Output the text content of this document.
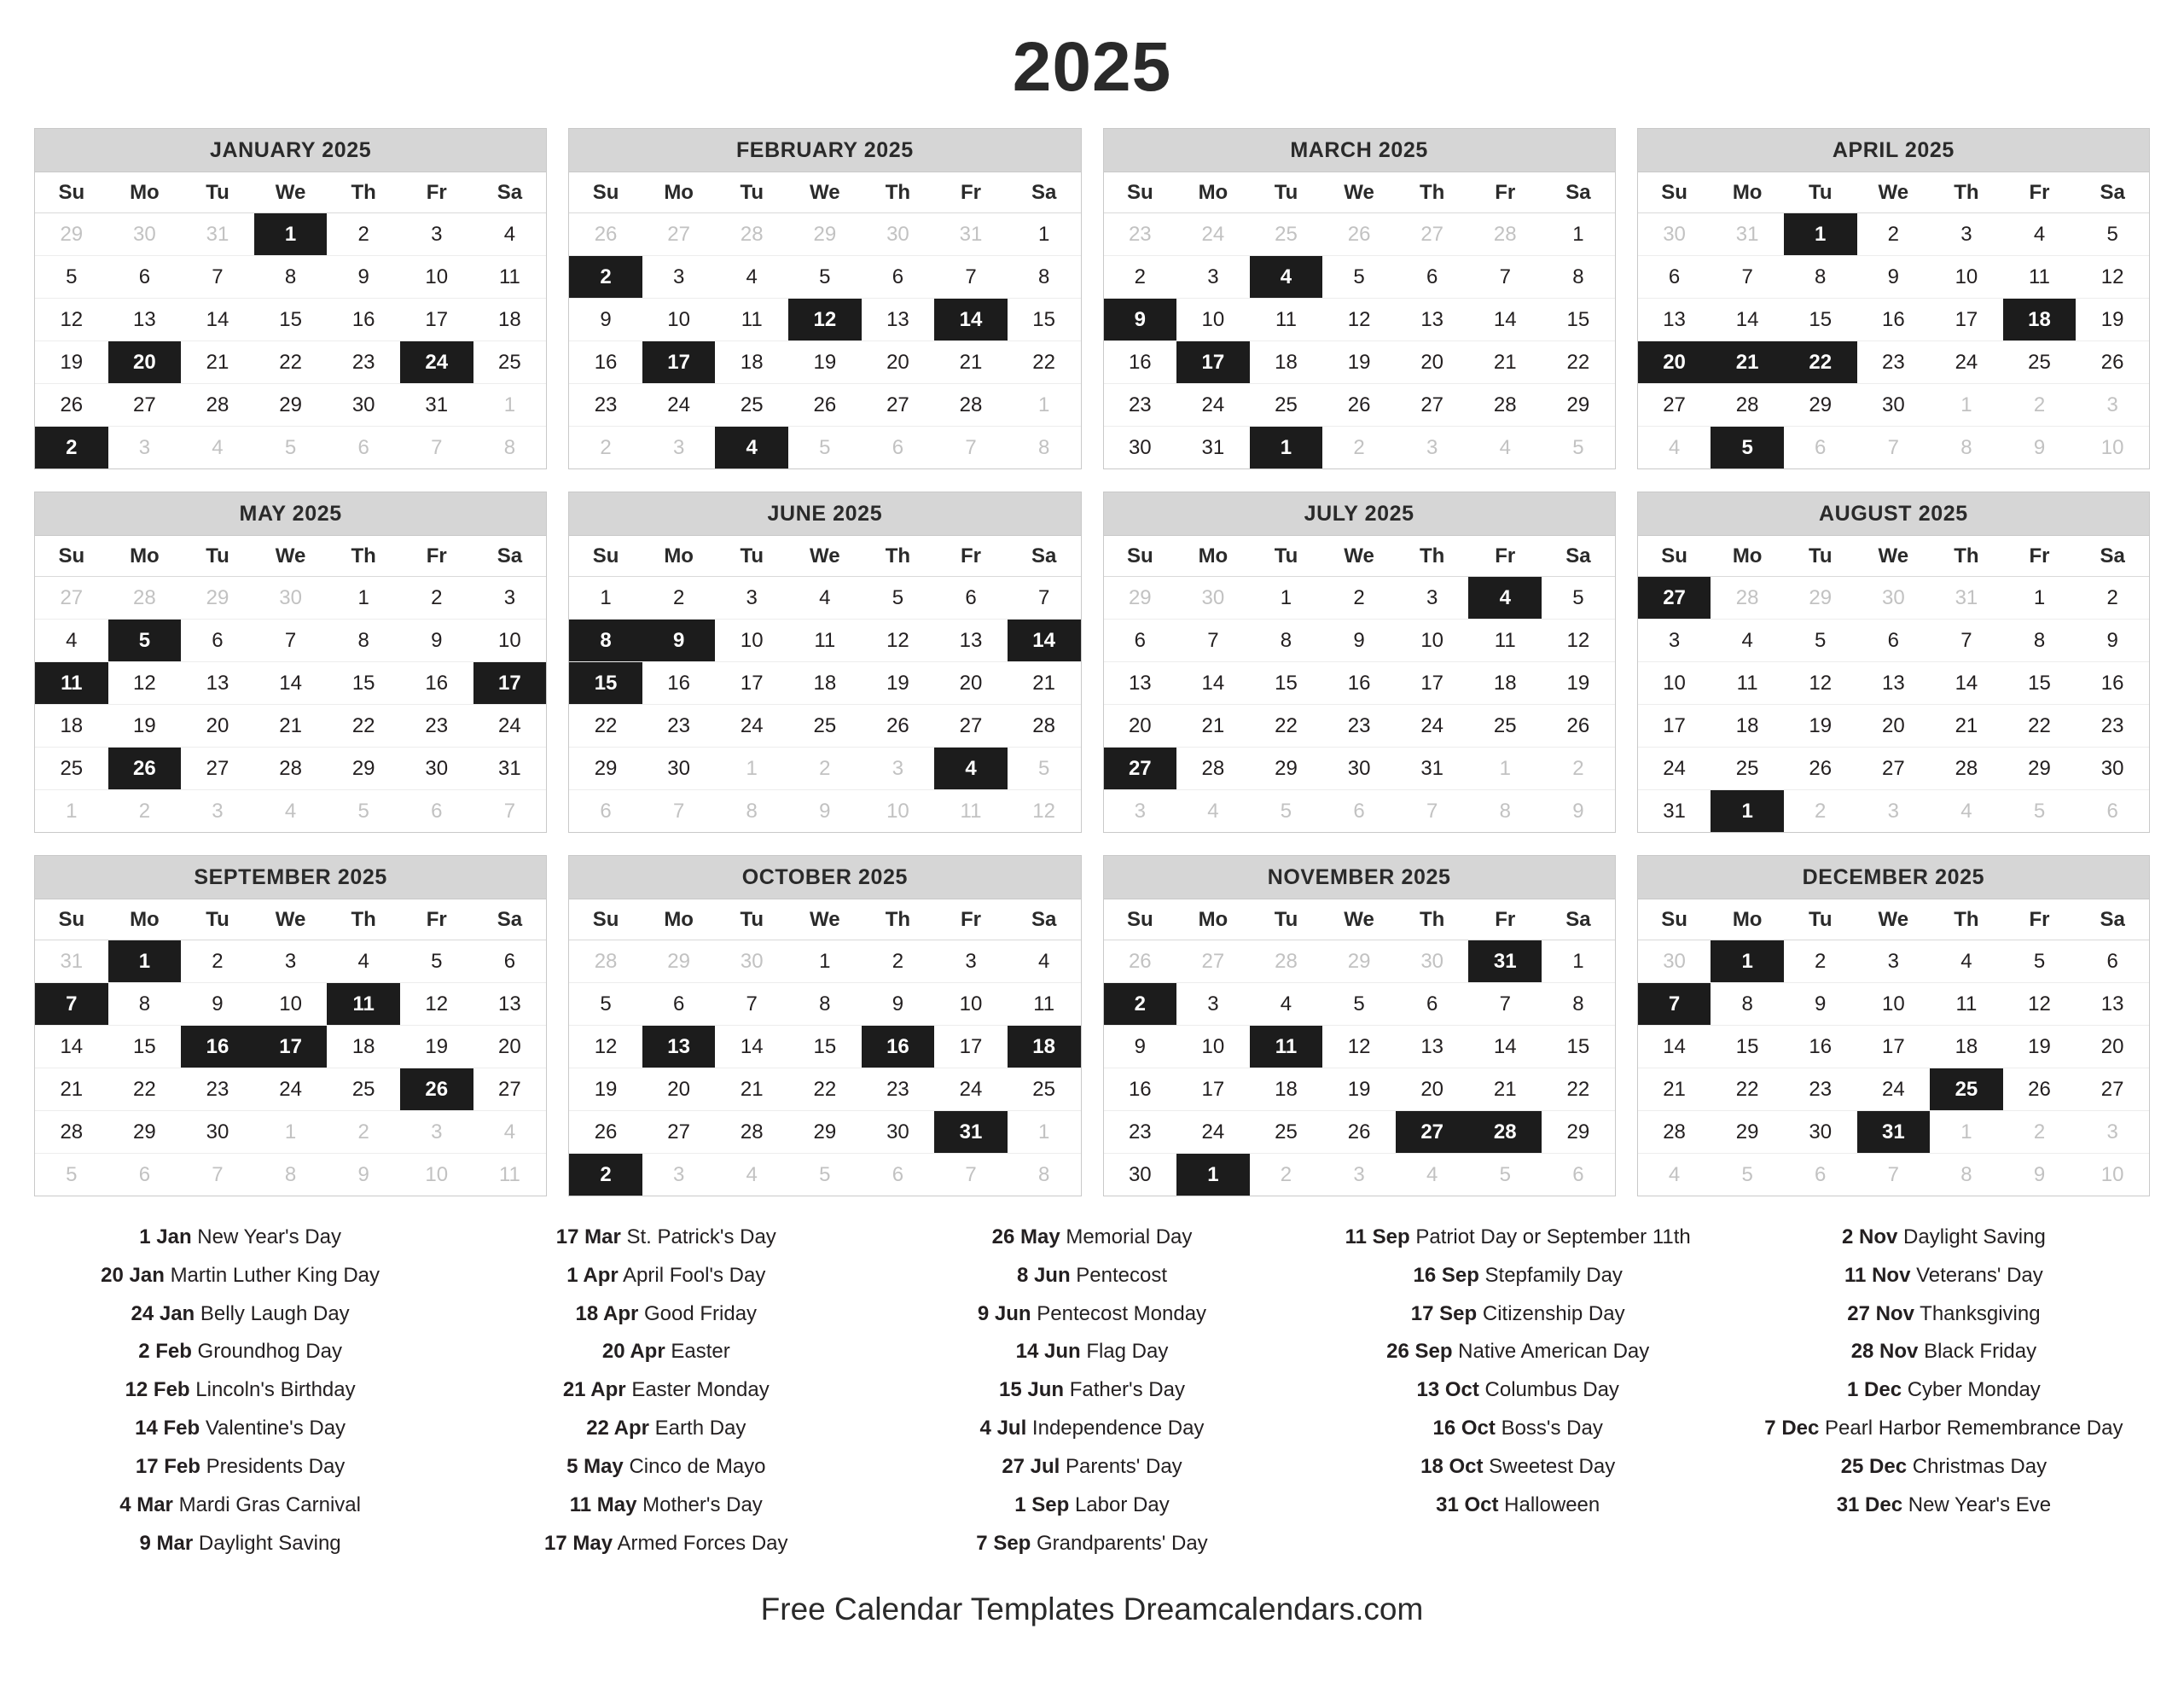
2025
JANUARY 2025
Su	Mo	Tu	We	Th	Fr	Sa

29	30	31	1	2	3	4

5	6	7	8	9	10	11

12	13	14	15	16	17	18

19	20	21	22	23	24	25

26	27	28	29	30	31	1

2	3	4	5	6	7	8
FEBRUARY 2025
Su	Mo	Tu	We	Th	Fr	Sa

26	27	28	29	30	31	1

2	3	4	5	6	7	8

9	10	11	12	13	14	15

16	17	18	19	20	21	22

23	24	25	26	27	28	1

2	3	4	5	6	7	8
MARCH 2025
Su	Mo	Tu	We	Th	Fr	Sa

23	24	25	26	27	28	1

2	3	4	5	6	7	8

9	10	11	12	13	14	15

16	17	18	19	20	21	22

23	24	25	26	27	28	29

30	31	1	2	3	4	5
APRIL 2025
Su	Mo	Tu	We	Th	Fr	Sa

30	31	1	2	3	4	5

6	7	8	9	10	11	12

13	14	15	16	17	18	19

20	21	22	23	24	25	26

27	28	29	30	1	2	3

4	5	6	7	8	9	10
MAY 2025
Su	Mo	Tu	We	Th	Fr	Sa

27	28	29	30	1	2	3

4	5	6	7	8	9	10

11	12	13	14	15	16	17

18	19	20	21	22	23	24

25	26	27	28	29	30	31

1	2	3	4	5	6	7
JUNE 2025
Su	Mo	Tu	We	Th	Fr	Sa

1	2	3	4	5	6	7

8	9	10	11	12	13	14

15	16	17	18	19	20	21

22	23	24	25	26	27	28

29	30	1	2	3	4	5

6	7	8	9	10	11	12
JULY 2025
Su	Mo	Tu	We	Th	Fr	Sa

29	30	1	2	3	4	5

6	7	8	9	10	11	12

13	14	15	16	17	18	19

20	21	22	23	24	25	26

27	28	29	30	31	1	2

3	4	5	6	7	8	9
AUGUST 2025
Su	Mo	Tu	We	Th	Fr	Sa

27	28	29	30	31	1	2

3	4	5	6	7	8	9

10	11	12	13	14	15	16

17	18	19	20	21	22	23

24	25	26	27	28	29	30

31	1	2	3	4	5	6
SEPTEMBER 2025
Su	Mo	Tu	We	Th	Fr	Sa

31	1	2	3	4	5	6

7	8	9	10	11	12	13

14	15	16	17	18	19	20

21	22	23	24	25	26	27

28	29	30	1	2	3	4

5	6	7	8	9	10	11
OCTOBER 2025
Su	Mo	Tu	We	Th	Fr	Sa

28	29	30	1	2	3	4

5	6	7	8	9	10	11

12	13	14	15	16	17	18

19	20	21	22	23	24	25

26	27	28	29	30	31	1

2	3	4	5	6	7	8
NOVEMBER 2025
Su	Mo	Tu	We	Th	Fr	Sa

26	27	28	29	30	31	1

2	3	4	5	6	7	8

9	10	11	12	13	14	15

16	17	18	19	20	21	22

23	24	25	26	27	28	29

30	1	2	3	4	5	6
DECEMBER 2025
Su	Mo	Tu	We	Th	Fr	Sa

30	1	2	3	4	5	6

7	8	9	10	11	12	13

14	15	16	17	18	19	20

21	22	23	24	25	26	27

28	29	30	31	1	2	3

4	5	6	7	8	9	10
1 Jan New Year's Day
20 Jan Martin Luther King Day
24 Jan Belly Laugh Day
2 Feb Groundhog Day
12 Feb Lincoln's Birthday
14 Feb Valentine's Day
17 Feb Presidents Day
4 Mar Mardi Gras Carnival
9 Mar Daylight Saving
17 Mar St. Patrick's Day
1 Apr April Fool's Day
18 Apr Good Friday
20 Apr Easter
21 Apr Easter Monday
22 Apr Earth Day
5 May Cinco de Mayo
11 May Mother's Day
17 May Armed Forces Day
26 May Memorial Day
8 Jun Pentecost
9 Jun Pentecost Monday
14 Jun Flag Day
15 Jun Father's Day
4 Jul Independence Day
27 Jul Parents' Day
1 Sep Labor Day
7 Sep Grandparents' Day
11 Sep Patriot Day or September 11th
16 Sep Stepfamily Day
17 Sep Citizenship Day
26 Sep Native American Day
13 Oct Columbus Day
16 Oct Boss's Day
18 Oct Sweetest Day
31 Oct Halloween
2 Nov Daylight Saving
11 Nov Veterans' Day
27 Nov Thanksgiving
28 Nov Black Friday
1 Dec Cyber Monday
7 Dec Pearl Harbor Remembrance Day
25 Dec Christmas Day
31 Dec New Year's Eve
Free Calendar Templates Dreamcalendars.com
